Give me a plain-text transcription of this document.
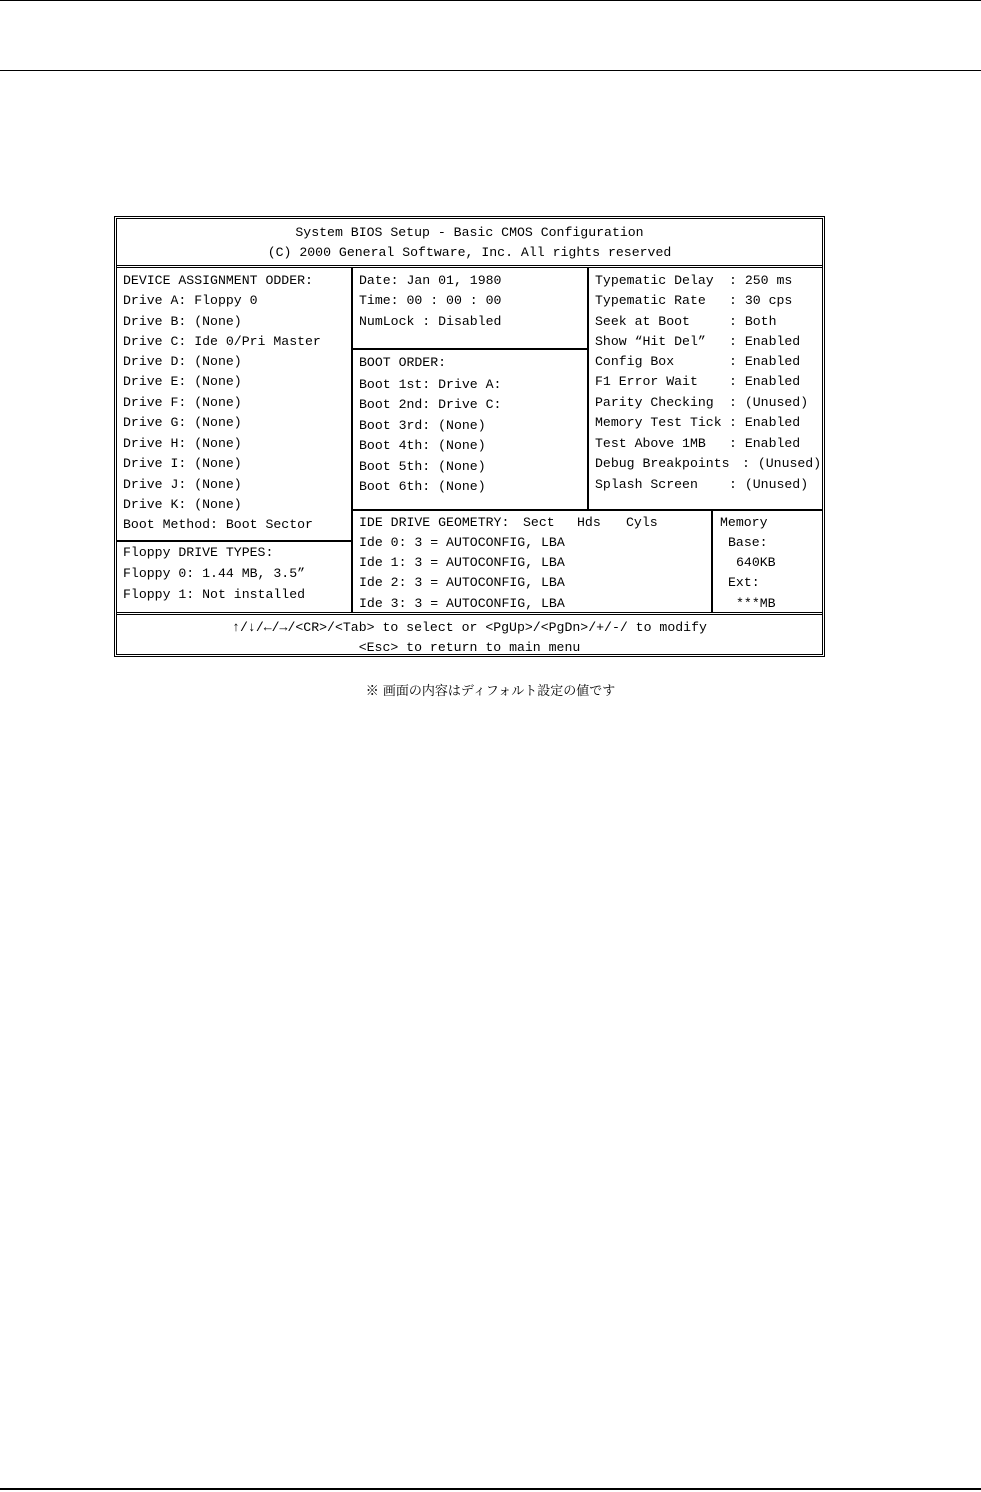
System BIOS Setup - Basic CMOS Configuration
(C) 2000 General Software, Inc. All rights reserved
DEVICE ASSIGNMENT ODDER:
Drive A: Floppy 0
Drive B: (None)
Drive C: Ide 0/Pri Master
Drive D: (None)
Drive E: (None)
Drive F: (None)
Drive G: (None)
Drive H: (None)
Drive I: (None)
Drive J: (None)
Drive K: (None)
Boot Method: Boot Sector
Floppy DRIVE TYPES:
Floppy 0: 1.44 MB, 3.5”
Floppy 1: Not installed
Date: Jan 01, 1980
Time: 00 : 00 : 00
NumLock : Disabled
BOOT ORDER:
Boot 1st: Drive A:
Boot 2nd: Drive C:
Boot 3rd: (None)
Boot 4th: (None)
Boot 5th: (None)
Boot 6th: (None)
Typematic Delay : 250 ms
Typematic Rate : 30 cps
Seek at Boot	: Both
Show “Hit Del” : Enabled
Config Box	: Enabled
F1 Error Wait : Enabled
Parity Checking : (Unused)
Memory Test Tick : Enabled
Test Above 1MB : Enabled
Debug Breakpoints : (Unused)
Splash Screen : (Unused)
IDE DRIVE GEOMETRY: Sect Hds Cyls
Ide 0: 3 = AUTOCONFIG, LBA
Ide 1: 3 = AUTOCONFIG, LBA
Ide 2: 3 = AUTOCONFIG, LBA
Ide 3: 3 = AUTOCONFIG, LBA
Memory
Base:
640KB
Ext:
***MB
↑/↓/←/→/<CR>/<Tab> to select or <PgUp>/<PgDn>/+/-/ to modify
<Esc> to return to main menu
※ 画面の内容はディフォルト設定の値です
